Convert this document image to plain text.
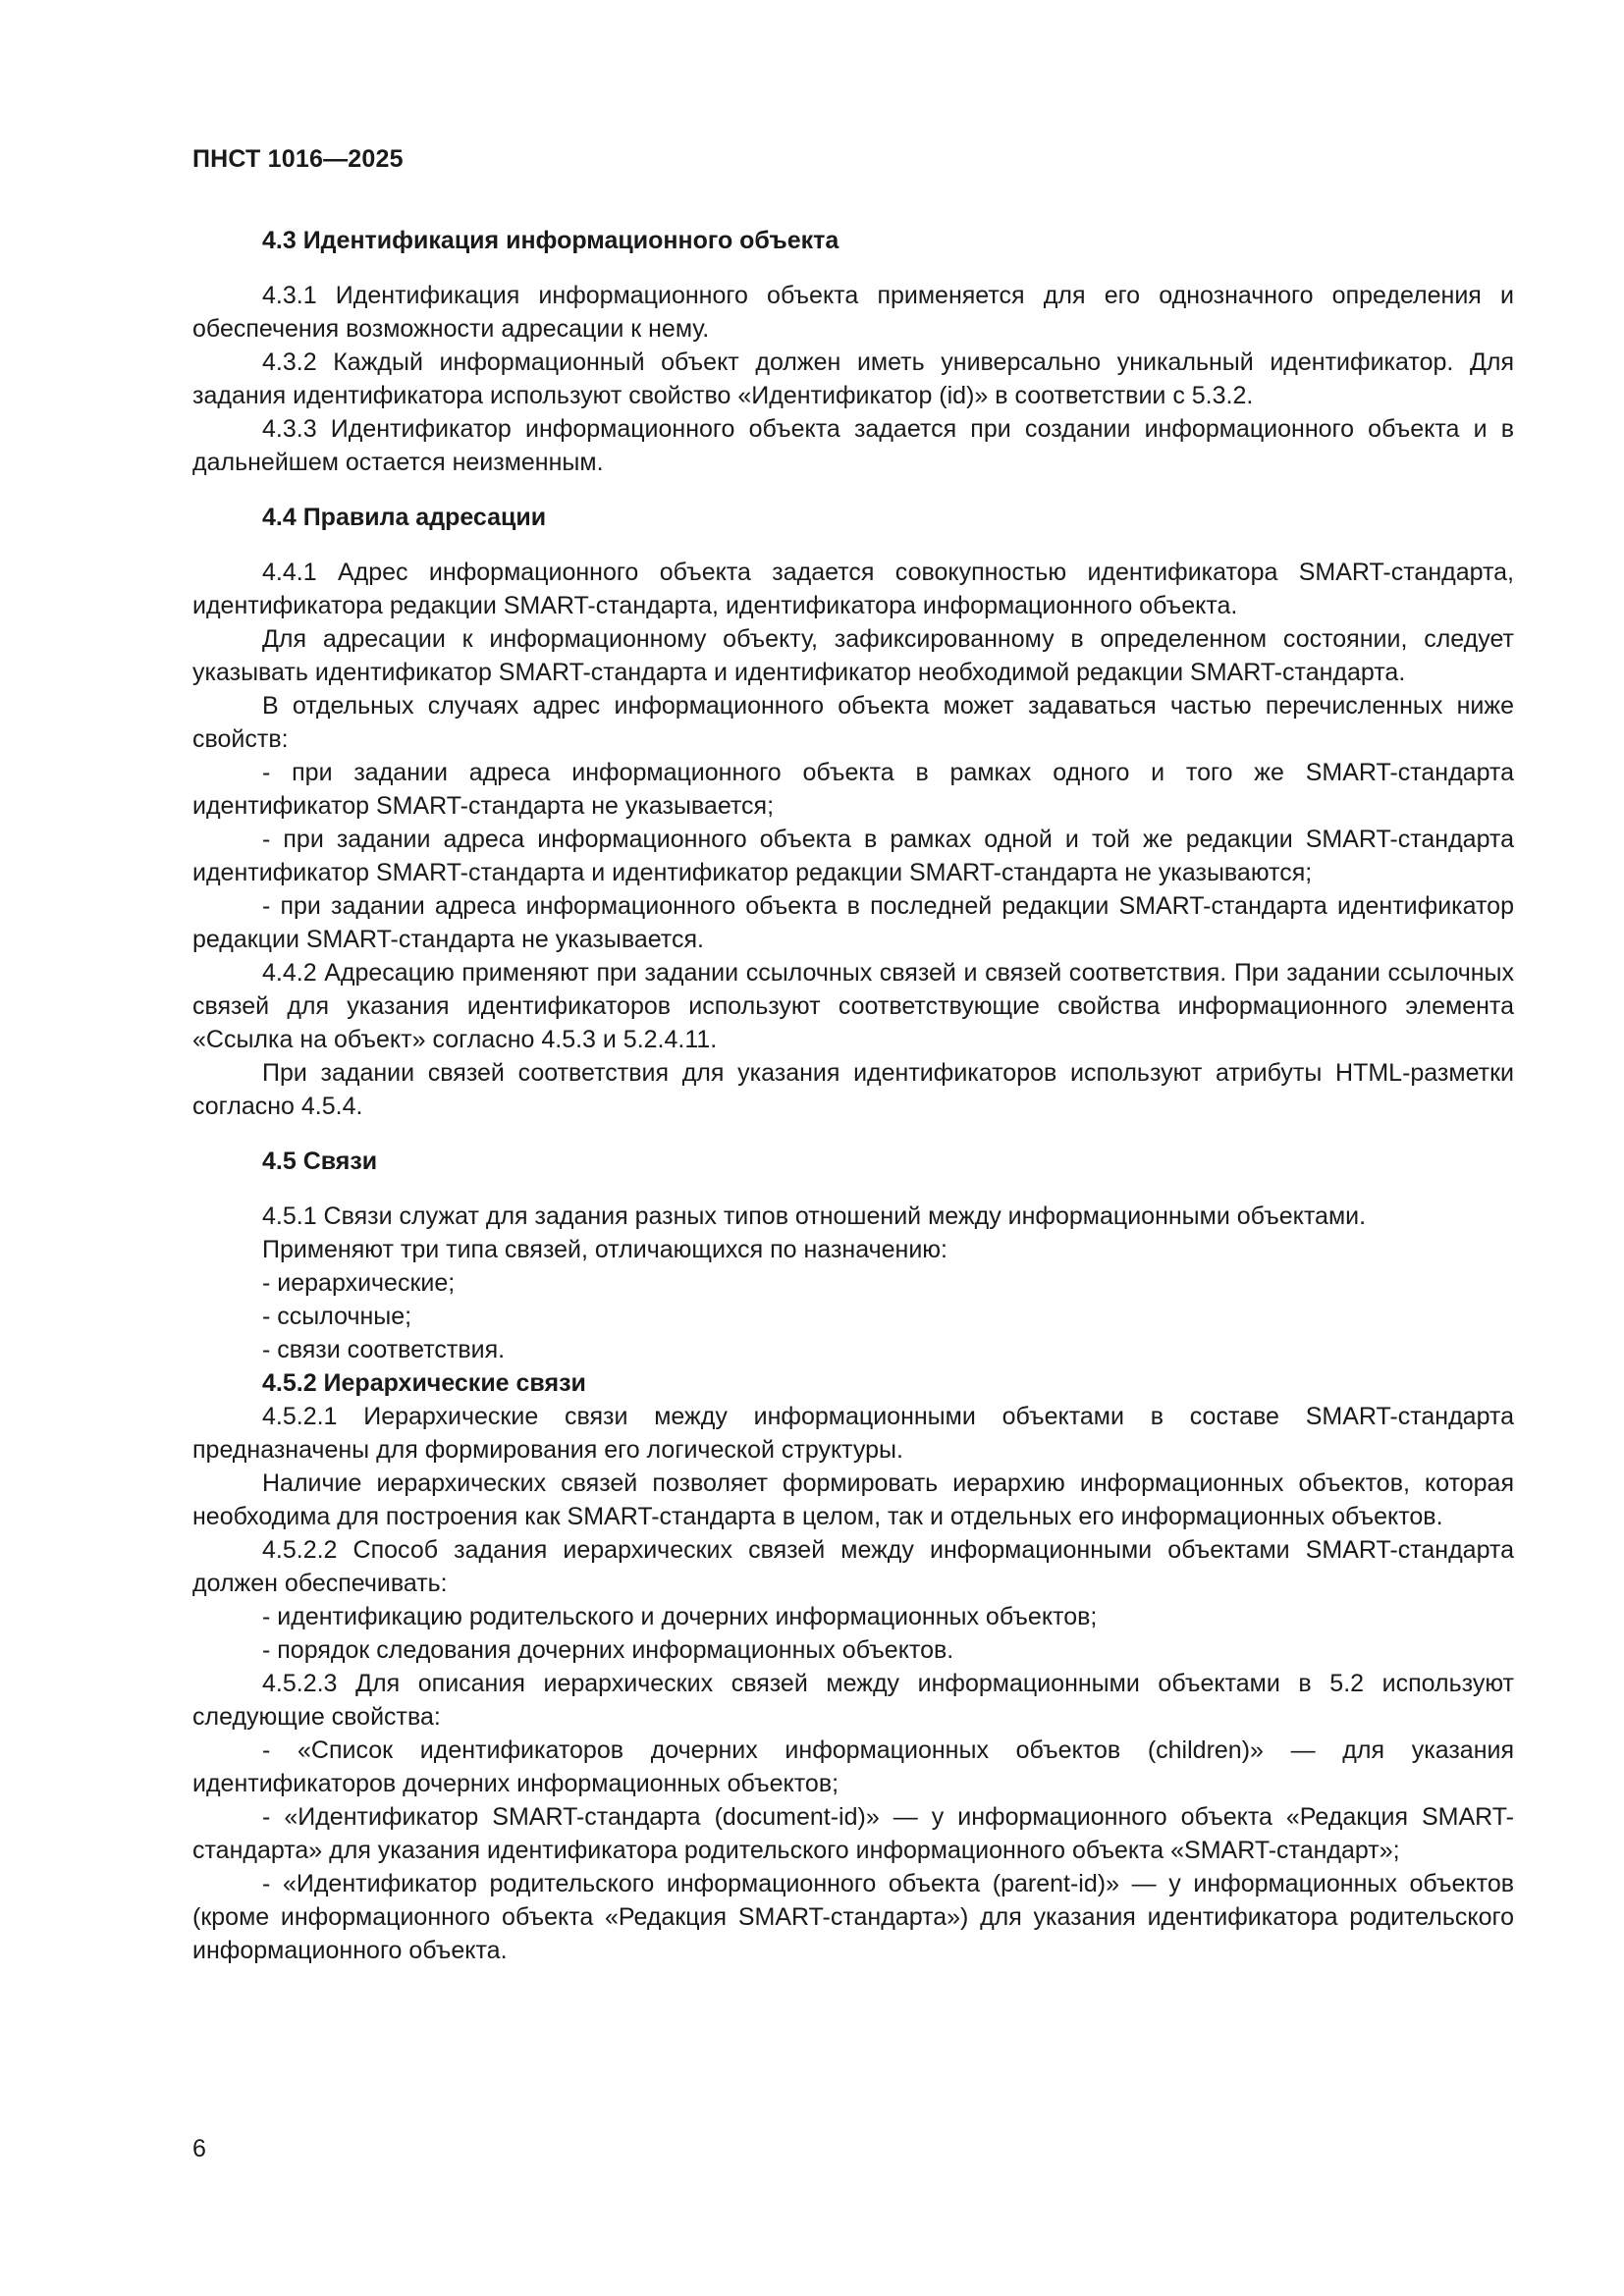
ПНСТ 1016—2025
4.3 Идентификация информационного объекта

4.3.1 Идентификация информационного объекта применяется для его однозначного определения и обеспечения возможности адресации к нему.

4.3.2 Каждый информационный объект должен иметь универсально уникальный идентификатор. Для задания идентификатора используют свойство «Идентификатор (id)» в соответствии с 5.3.2.

4.3.3 Идентификатор информационного объекта задается при создании информационного объекта и в дальнейшем остается неизменным.

4.4 Правила адресации

4.4.1 Адрес информационного объекта задается совокупностью идентификатора SMART-стандарта, идентификатора редакции SMART-стандарта, идентификатора информационного объекта.

Для адресации к информационному объекту, зафиксированному в определенном состоянии, следует указывать идентификатор SMART-стандарта и идентификатор необходимой редакции SMART-стандарта.

В отдельных случаях адрес информационного объекта может задаваться частью перечисленных ниже свойств:

- при задании адреса информационного объекта в рамках одного и того же SMART-стандарта идентификатор SMART-стандарта не указывается;

- при задании адреса информационного объекта в рамках одной и той же редакции SMART-стандарта идентификатор SMART-стандарта и идентификатор редакции SMART-стандарта не указываются;

- при задании адреса информационного объекта в последней редакции SMART-стандарта идентификатор редакции SMART-стандарта не указывается.

4.4.2 Адресацию применяют при задании ссылочных связей и связей соответствия. При задании ссылочных связей для указания идентификаторов используют соответствующие свойства информационного элемента «Ссылка на объект» согласно 4.5.3 и 5.2.4.11.

При задании связей соответствия для указания идентификаторов используют атрибуты HTML-разметки согласно 4.5.4.

4.5 Связи

4.5.1 Связи служат для задания разных типов отношений между информационными объектами.

Применяют три типа связей, отличающихся по назначению:

- иерархические;

- ссылочные;

- связи соответствия.

4.5.2 Иерархические связи

4.5.2.1 Иерархические связи между информационными объектами в составе SMART-стандарта предназначены для формирования его логической структуры.

Наличие иерархических связей позволяет формировать иерархию информационных объектов, которая необходима для построения как SMART-стандарта в целом, так и отдельных его информационных объектов.

4.5.2.2 Способ задания иерархических связей между информационными объектами SMART-стандарта должен обеспечивать:

- идентификацию родительского и дочерних информационных объектов;

- порядок следования дочерних информационных объектов.

4.5.2.3 Для описания иерархических связей между информационными объектами в 5.2 используют следующие свойства:

- «Список идентификаторов дочерних информационных объектов (children)» — для указания идентификаторов дочерних информационных объектов;

- «Идентификатор SMART-стандарта (document-id)» — у информационного объекта «Редакция SMART-стандарта» для указания идентификатора родительского информационного объекта «SMART-стандарт»;

- «Идентификатор родительского информационного объекта (parent-id)» — у информационных объектов (кроме информационного объекта «Редакция SMART-стандарта») для указания идентификатора родительского информационного объекта.

6
